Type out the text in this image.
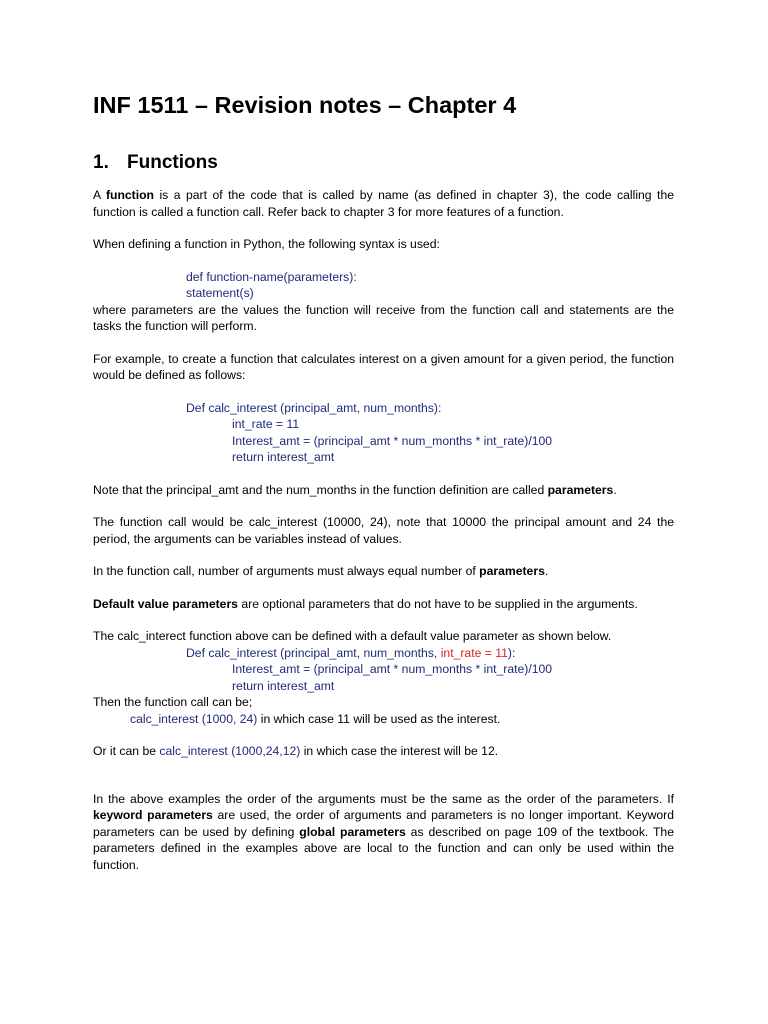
INF 1511 – Revision notes – Chapter 4
1. Functions

A function is a part of the code that is called by name (as defined in chapter 3), the code calling the function is called a function call. Refer back to chapter 3 for more features of a function.

When defining a function in Python, the following syntax is used:

def function-name(parameters):
statement(s)

where parameters are the values the function will receive from the function call and statements are the tasks the function will perform.

For example, to create a function that calculates interest on a given amount for a given period, the function would be defined as follows:

Def calc_interest (principal_amt, num_months):
int_rate = 11
Interest_amt = (principal_amt * num_months * int_rate)/100
return interest_amt

Note that the principal_amt and the num_months in the function definition are called parameters.

The function call would be calc_interest (10000, 24), note that 10000 the principal amount and 24 the period, the arguments can be variables instead of values.

In the function call, number of arguments must always equal number of parameters.

Default value parameters are optional parameters that do not have to be supplied in the arguments.

The calc_interect function above can be defined with a default value parameter as shown below.

Def calc_interest (principal_amt, num_months, int_rate = 11):
Interest_amt = (principal_amt * num_months * int_rate)/100
return interest_amt

Then the function call can be;

calc_interest (1000, 24) in which case 11 will be used as the interest.

Or it can be calc_interest (1000,24,12) in which case the interest will be 12.

In the above examples the order of the arguments must be the same as the order of the parameters. If keyword parameters are used, the order of arguments and parameters is no longer important. Keyword parameters can be used by defining global parameters as described on page 109 of the textbook. The parameters defined in the examples above are local to the function and can only be used within the function.
